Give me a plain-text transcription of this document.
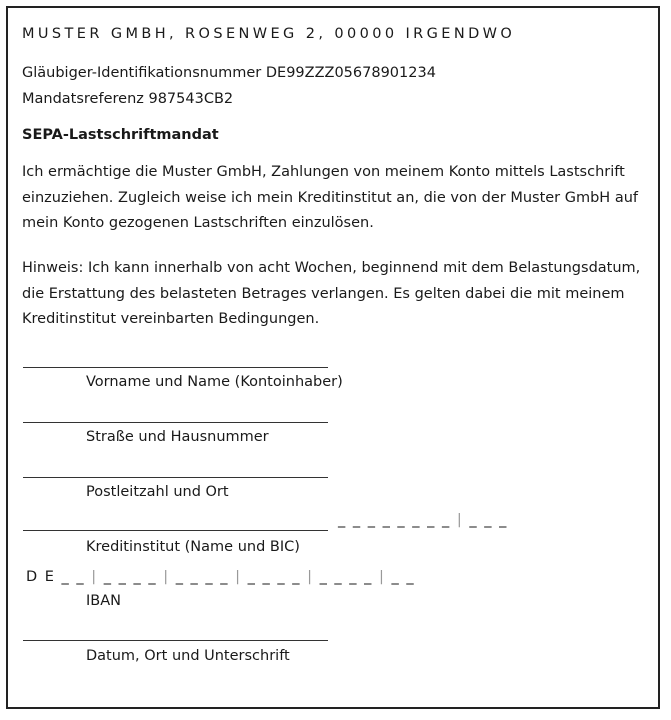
MUSTER GMBH, ROSENWEG 2, 00000 IRGENDWO

Gläubiger-Identifikationsnummer DE99ZZZ05678901234

Mandatsreferenz 987543CB2

SEPA-Lastschriftmandat

Ich ermächtige die Muster GmbH, Zahlungen von meinem Konto mittels Lastschrift einzuziehen. Zugleich weise ich mein Kreditinstitut an, die von der Muster GmbH auf mein Konto gezogenen Lastschriften einzulösen.

Hinweis: Ich kann innerhalb von acht Wochen, beginnend mit dem Belastungsdatum, die Erstattung des belasteten Betrages verlangen. Es gelten dabei die mit meinem Kreditinstitut vereinbarten Bedingungen.

Vorname und Name (Kontoinhaber)

Straße und Hausnummer

Postleitzahl und Ort

_ _ _ _ _ _ _ _ | _ _ _

Kreditinstitut (Name und BIC)

D E _ _ | _ _ _ _ | _ _ _ _ | _ _ _ _ | _ _ _ _ | _ _

IBAN

Datum, Ort und Unterschrift
